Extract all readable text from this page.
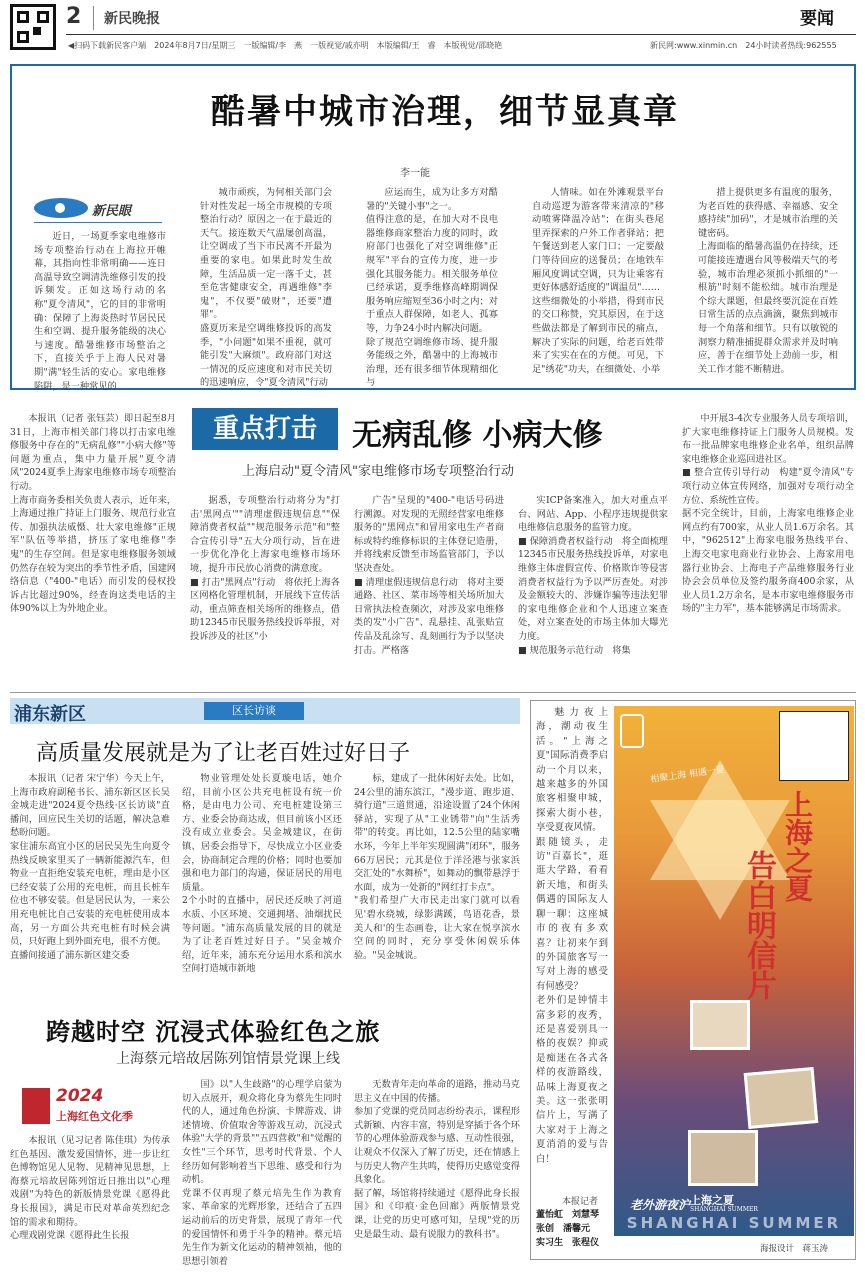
2 新民晚报	要闻
◀扫码下载新民客户端　2024年8月7日/星期三　一版编辑/李　燕　一版视觉/戚亦明　本版编辑/王　睿　本版视觉/邵晓艳	新民网:www.xinmin.cn　24小时读者热线:962555
酷暑中城市治理，细节显真章
李一能
新民眼

近日，一场夏季家电维修市场专项整治行动在上海拉开帷幕，其指向性非常明确——连日高温导致空调清洗维修引发的投诉频发。正如这场行动的名称"夏令清风"，它的目的非常明确：保障了上海炎热时节居民民生和空调、提升服务能级的决心与速度。酷暑维修市场整治之下，直接关乎于上海人民对暑期"满"轻生活的安心。家电维修陷阱，是一种常见的

城市顽疾，为何相关部门会针对性发起一场全市规模的专项整治行动？原因之一在于最近的天气。接连数天气温屡创高温，让空调成了当下市民离不开最为重要的家电。如果此时发生故障，生活品质一定一落千丈，甚至危害健康安全，再遇维修"李鬼"，不仅要"破财"，还要"遭罪"。
盛夏历来是空调维修投诉的高发季，"小问题"如果不重视，就可能引发"大麻烦"。政府部门对这一情况的反应速度和对市民关切的迅速响应，令"夏令清风"行动

应运而生，成为让多方对酷暑的"关键小事"之一。
值得注意的是，在加大对不良电器维修商家整治力度的同时，政府部门也强化了对空调维修"正规军"平台的宣传力度，进一步强化其服务能力。相关服务单位已经承诺，夏季维修高峰期调保服务响应缩短至36小时之内；对于重点人群保障，如老人、孤寡等，力争24小时内解决问题。
除了规范空调维修市场、提升服务能级之外，酷暑中的上海城市治理，还有很多细节体现精细化与

人情味。如在外滩观景平台自动巡逻为游客带来清凉的"移动喷雾降温冷站"；在街头巷尾里弄探索的户外工作者驿站；把午餐送到老人家门口；一定要敲门等待回应的送餐员；在地铁车厢风度调试空调，只为让乘客有更好体感舒适度的"调温员"……
这些细微处的小举措，得到市民的交口称赞，究其原因，在于这些做法都是了解到市民的痛点，解决了实际的问题，给老百姓带来了实实在在的方便。可见，下足"绣花"功夫，在细微处、小举

措上提供更多有温度的服务，为老百姓的获得感、幸福感、安全感持续"加码"，才是城市治理的关键密码。
上海面临的酷暑高温仍在持续，还可能接连遭遇台风等极端天气的考验，城市治理必须抓小抓细的"一根筋"时刻不能松绌。城市治理是个综大课题，但最终要沉淀在百姓日常生活的点点滴滴，聚焦到城市每一个角落和细节。只有以敏锐的洞察力精准捕捉群众需求并及时响应，善于在细节处上劲前一步，相关工作才能不断精进。

重点打击	无病乱修 小病大修
上海启动"夏令清风"家电维修市场专项整治行动

本报讯（记者 张钰芸）即日起至8月31日，上海市相关部门将以打击家电维修服务中存在的"无病乱修""小病大修"等问题为重点，集中力量开展"夏令清风"2024夏季上海家电维修市场专项整治行动。
上海市商务委相关负责人表示，近年来，上海通过推广持证上门服务、规范行业宣传、加强执法威慑、壮大家电维修"正规军"队伍等举措，挤压了家电维修"李鬼"的生存空间。但是家电维修服务领域仍然存在较为突出的季节性矛盾，国建网络信息（"400-"电话）而引发的侵权投诉占比超过90%，经查询这类电话的主体90%以上为外地企业。

据悉，专项整治行动将分为"打击'黑网点'""清理虚假违规信息""保障消费者权益""规范服务示范"和"整合宣传引导"五大分项行动，旨在进一步优化净化上海家电维修市场环境，提升市民放心消费的满意度。
■ 打击"黑网点"行动　将依托上海各区网格化管理机制，开展线下宣传活动，重点筛查相关场所的维修点，借助12345市民服务热线投诉举报，对投诉涉及的社区"小

广告"呈现的"400-"电话号码进行溯源。对发现的无照经营家电维修服务的"黑网点"和冒用家电生产者商标或特约维修标识的主体登记造册，并将线索反馈至市场监管部门，予以坚决查处。
■ 清理虚假违规信息行动　将对主要通路、社区、菜市场等相关场所加大日常执法检查频次，对涉及家电维修类的发"小广告"、乱悬挂、乱张贴宣传品及乱涂写、乱刻画行为予以坚决打击。严格落

实ICP备案准入，加大对重点平台、网站、App、小程序违规提供家电维修信息服务的监管力度。
■ 保障消费者权益行动　将全面梳理12345市民服务热线投诉单，对家电维修主体虚假宣传、价格欺诈等侵害消费者权益行为予以严厉查处。对涉及金额较大的、涉嫌诈骗等违法犯罪的家电维修企业和个人迅速立案查处，对立案查处的市场主体加大曝光力度。
■ 规范服务示范行动　将集

中开展3-4次专业服务人员专项培训，扩大家电维修持证上门服务人员规模。发布一批品牌家电维修企业名单，组织品牌家电维修企业巡回进社区。
■ 整合宣传引导行动　构建"夏令清风"专项行动立体宣传网络，加强对专项行动全方位、系统性宣传。
据不完全统计，目前，上海家电维修企业网点约有700家，从业人员1.6万余名。其中，"962512"上海家电服务热线平台、上海交电家电商业行业协会、上海家用电器行业协会、上海电子产品维修服务行业协会会员单位及签约服务商400余家，从业人员1.2万余名，是本市家电维修服务市场的"主力军"，基本能够满足市场需求。

浦东新区	区长访谈
高质量发展就是为了让老百姓过好日子

本报讯（记者 宋宁华）今天上午，上海市政府副秘书长、浦东新区区长吴金城走进"2024夏令热线·区长访谈"直播间，回应民生关切的话题，解决急难愁盼问题。
家住浦东高宜小区的居民吴先生向夏令热线反映家里买了一辆新能源汽车，但物业一直拒绝安装充电桩，理由是小区已经安装了公用的充电桩，而且长桩车位也不够安装。但是居民认为，一来公用充电桩比自己安装的充电桩使用成本高，另一方面公共充电桩有时候会满员，只好跑上到外面充电，很不方便。
直播间接通了浦东新区建交委

物业管理处处长夏璇电话，她介绍，目前小区公共充电桩设有统一价格，是由电力公司、充电桩建设第三方、业委会协商达成，但目前该小区还没有成立业委会。吴金城建议，在街镇、居委会指导下，尽快成立小区业委会，协商制定合理的价格；同时也要加强和电力部门的沟通，保证居民的用电质量。
2个小时的直播中，居民还反映了河道水质、小区环境、交通拥堵、油烟扰民等问题。"浦东高质量发展的目的就是为了让老百姓过好日子。"吴金城介绍，近年来，浦东充分运用水系和滨水空间打造城市新地

标，建成了一批休闲好去处。比如，24公里的浦东滨江，"漫步道、跑步道、骑行道"三道贯通，沿途设置了24个休闲驿站，实现了从"工业锈带"向"生活秀带"的转变。再比如，12.5公里的陆家嘴水环，今年上半年实现圆满"闭环"，服务66万居民；元其是位于洋泾港与张家浜交汇处的"水舞桥"，如舞动的飘带悬浮于水面，成为一处新的"网红打卡点"。
"我们希望广大市民走出家门就可以看见'碧水绕城，绿影满蹊，鸟语花香，景美人和'的生态画卷，让大家在悦享滨水空间的同时，充分享受休闲娱乐体验。"吴金城说。

跨越时空 沉浸式体验红色之旅
上海蔡元培故居陈列馆情景党课上线
2024
上海红色文化季

本报讯（见习记者 陈佳琪）为传承红色基因、激发爱国情怀，进一步让红色博物馆见人见物、见精神见思想，上海蔡元培故居陈列馆近日推出以"心理戏剧"为特色的新版情景党课《愿得此身长报国》，满足市民对革命英烈纪念馆的需求和期待。
心理戏剧党课《愿得此生长报

国》以"人生歧路"的心理学启蒙为切入点展开，观众将化身为蔡先生同时代的人，通过角色扮演、卡牌游戏、讲述情境、价值取舍等游戏互动，沉浸式体验"大学的背景""五四营救"和"觉醒的女性"三个环节，思考时代背景、个人经历如何影响着当下思维、感受和行为动机。
党课不仅再现了蔡元培先生作为教育家、革命家的光辉形象，还结合了五四运动前后的历史背景，展现了青年一代的爱国情怀和勇于斗争的精神。蔡元培先生作为新文化运动的精神领袖，他的思想引领着

无数青年走向革命的道路，推动马克思主义在中国的传播。
参加了党课的党员同志纷纷表示，课程形式新颖、内容丰富，特别是穿插于各个环节的心理体验游戏参与感、互动性很强，让观众不仅深入了解了历史，还在情感上与历史人物产生共鸣，使得历史感觉变得具象化。
据了解，场馆将持续通过《愿得此身长报国》和《印痕·金色回廊》两版情景党课，让党的历史可感可知，呈现"党的历史是最生动、最有说服力的教科书"。

魅力夜上海，潮动夜生活。"上海之夏"国际消费季启动一个月以来，越来越多的外国旅客相聚申城，探索大街小巷，享受夏夜风情。
跟随镜头，走访"百嘉长"，逛逛大学路，看看新天地，和街头偶遇的国际友人聊一聊：这座城市的夜有多欢喜？让初来乍到的外国旅客写一写对上海的感受有何感受？
老外们是钟情丰富多彩的夜秀，还是喜爱别具一格的夜娱？抑或是痴迷在各式各样的夜游路线，品味上海夏夜之美。这一张张明信片上，写满了大家对于上海之夏消消的爱与告白！

本报记者
董怡虹　刘慧琴
张创　潘馨元
实习生　张程仪
相聚上海 相遇一夏
上海之夏
告白明信片
老外游夜沪 上海之夏
SHANGHAI SUMMER
SHANGHAI SUMMER
海报设计　蒋玉涛
